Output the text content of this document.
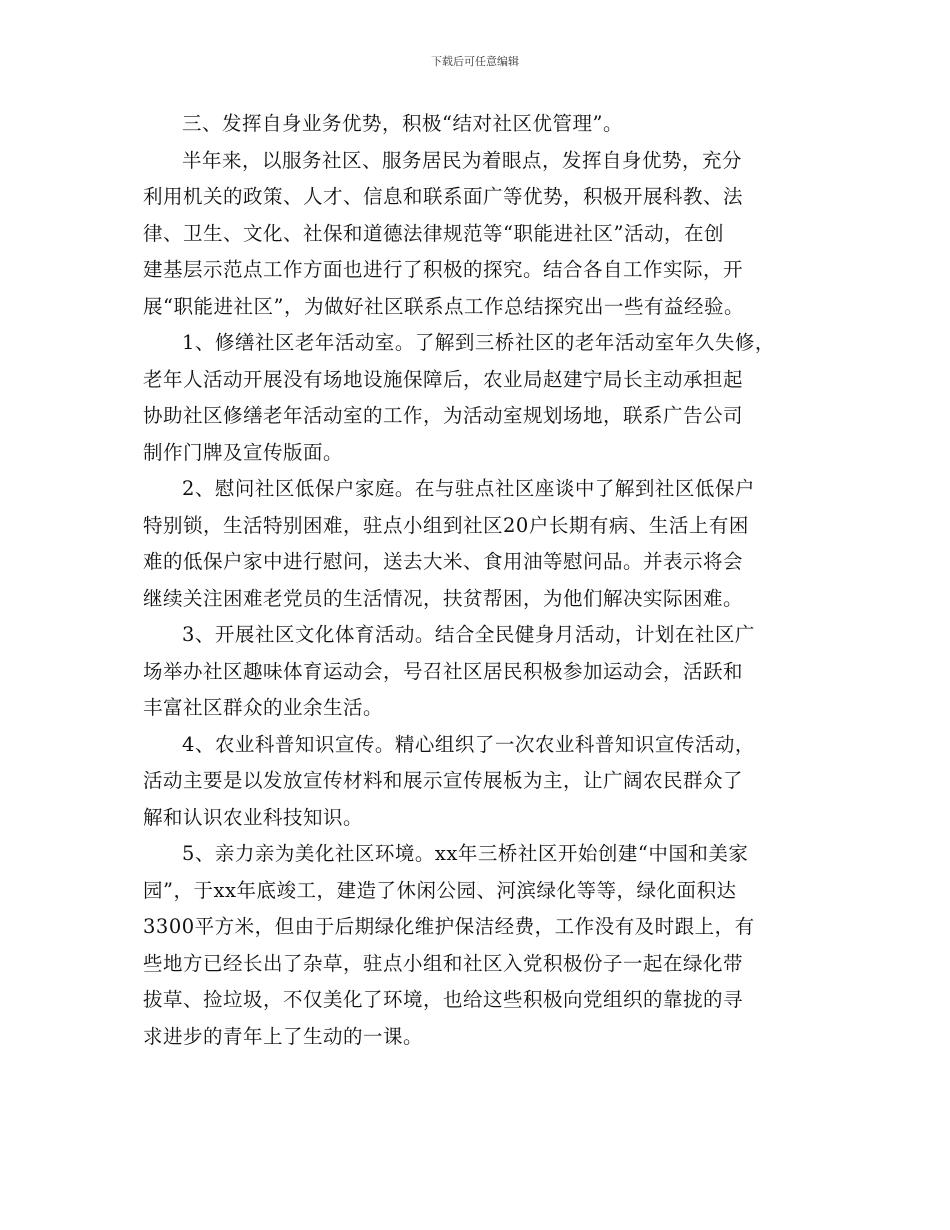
下载后可任意编辑

三、发挥自身业务优势，积极“结对社区优管理”。

半年来，以服务社区、服务居民为着眼点，发挥自身优势，充分
利用机关的政策、人才、信息和联系面广等优势，积极开展科教、法
律、卫生、文化、社保和道德法律规范等“职能进社区”活动，在创
建基层示范点工作方面也进行了积极的探究。结合各自工作实际，开
展“职能进社区”，为做好社区联系点工作总结探究出一些有益经验。

1、修缮社区老年活动室。了解到三桥社区的老年活动室年久失修，
老年人活动开展没有场地设施保障后，农业局赵建宁局长主动承担起
协助社区修缮老年活动室的工作，为活动室规划场地，联系广告公司
制作门牌及宣传版面。

2、慰问社区低保户家庭。在与驻点社区座谈中了解到社区低保户
特别锁，生活特别困难，驻点小组到社区20户长期有病、生活上有困
难的低保户家中进行慰问，送去大米、食用油等慰问品。并表示将会
继续关注困难老党员的生活情况，扶贫帮困，为他们解决实际困难。

3、开展社区文化体育活动。结合全民健身月活动，计划在社区广
场举办社区趣味体育运动会，号召社区居民积极参加运动会，活跃和
丰富社区群众的业余生活。

4、农业科普知识宣传。精心组织了一次农业科普知识宣传活动，
活动主要是以发放宣传材料和展示宣传展板为主，让广阔农民群众了
解和认识农业科技知识。

5、亲力亲为美化社区环境。xx年三桥社区开始创建“中国和美家
园”，于xx年底竣工，建造了休闲公园、河滨绿化等等，绿化面积达
3300平方米，但由于后期绿化维护保洁经费，工作没有及时跟上，有
些地方已经长出了杂草，驻点小组和社区入党积极份子一起在绿化带
拔草、捡垃圾，不仅美化了环境，也给这些积极向党组织的靠拢的寻
求进步的青年上了生动的一课。
